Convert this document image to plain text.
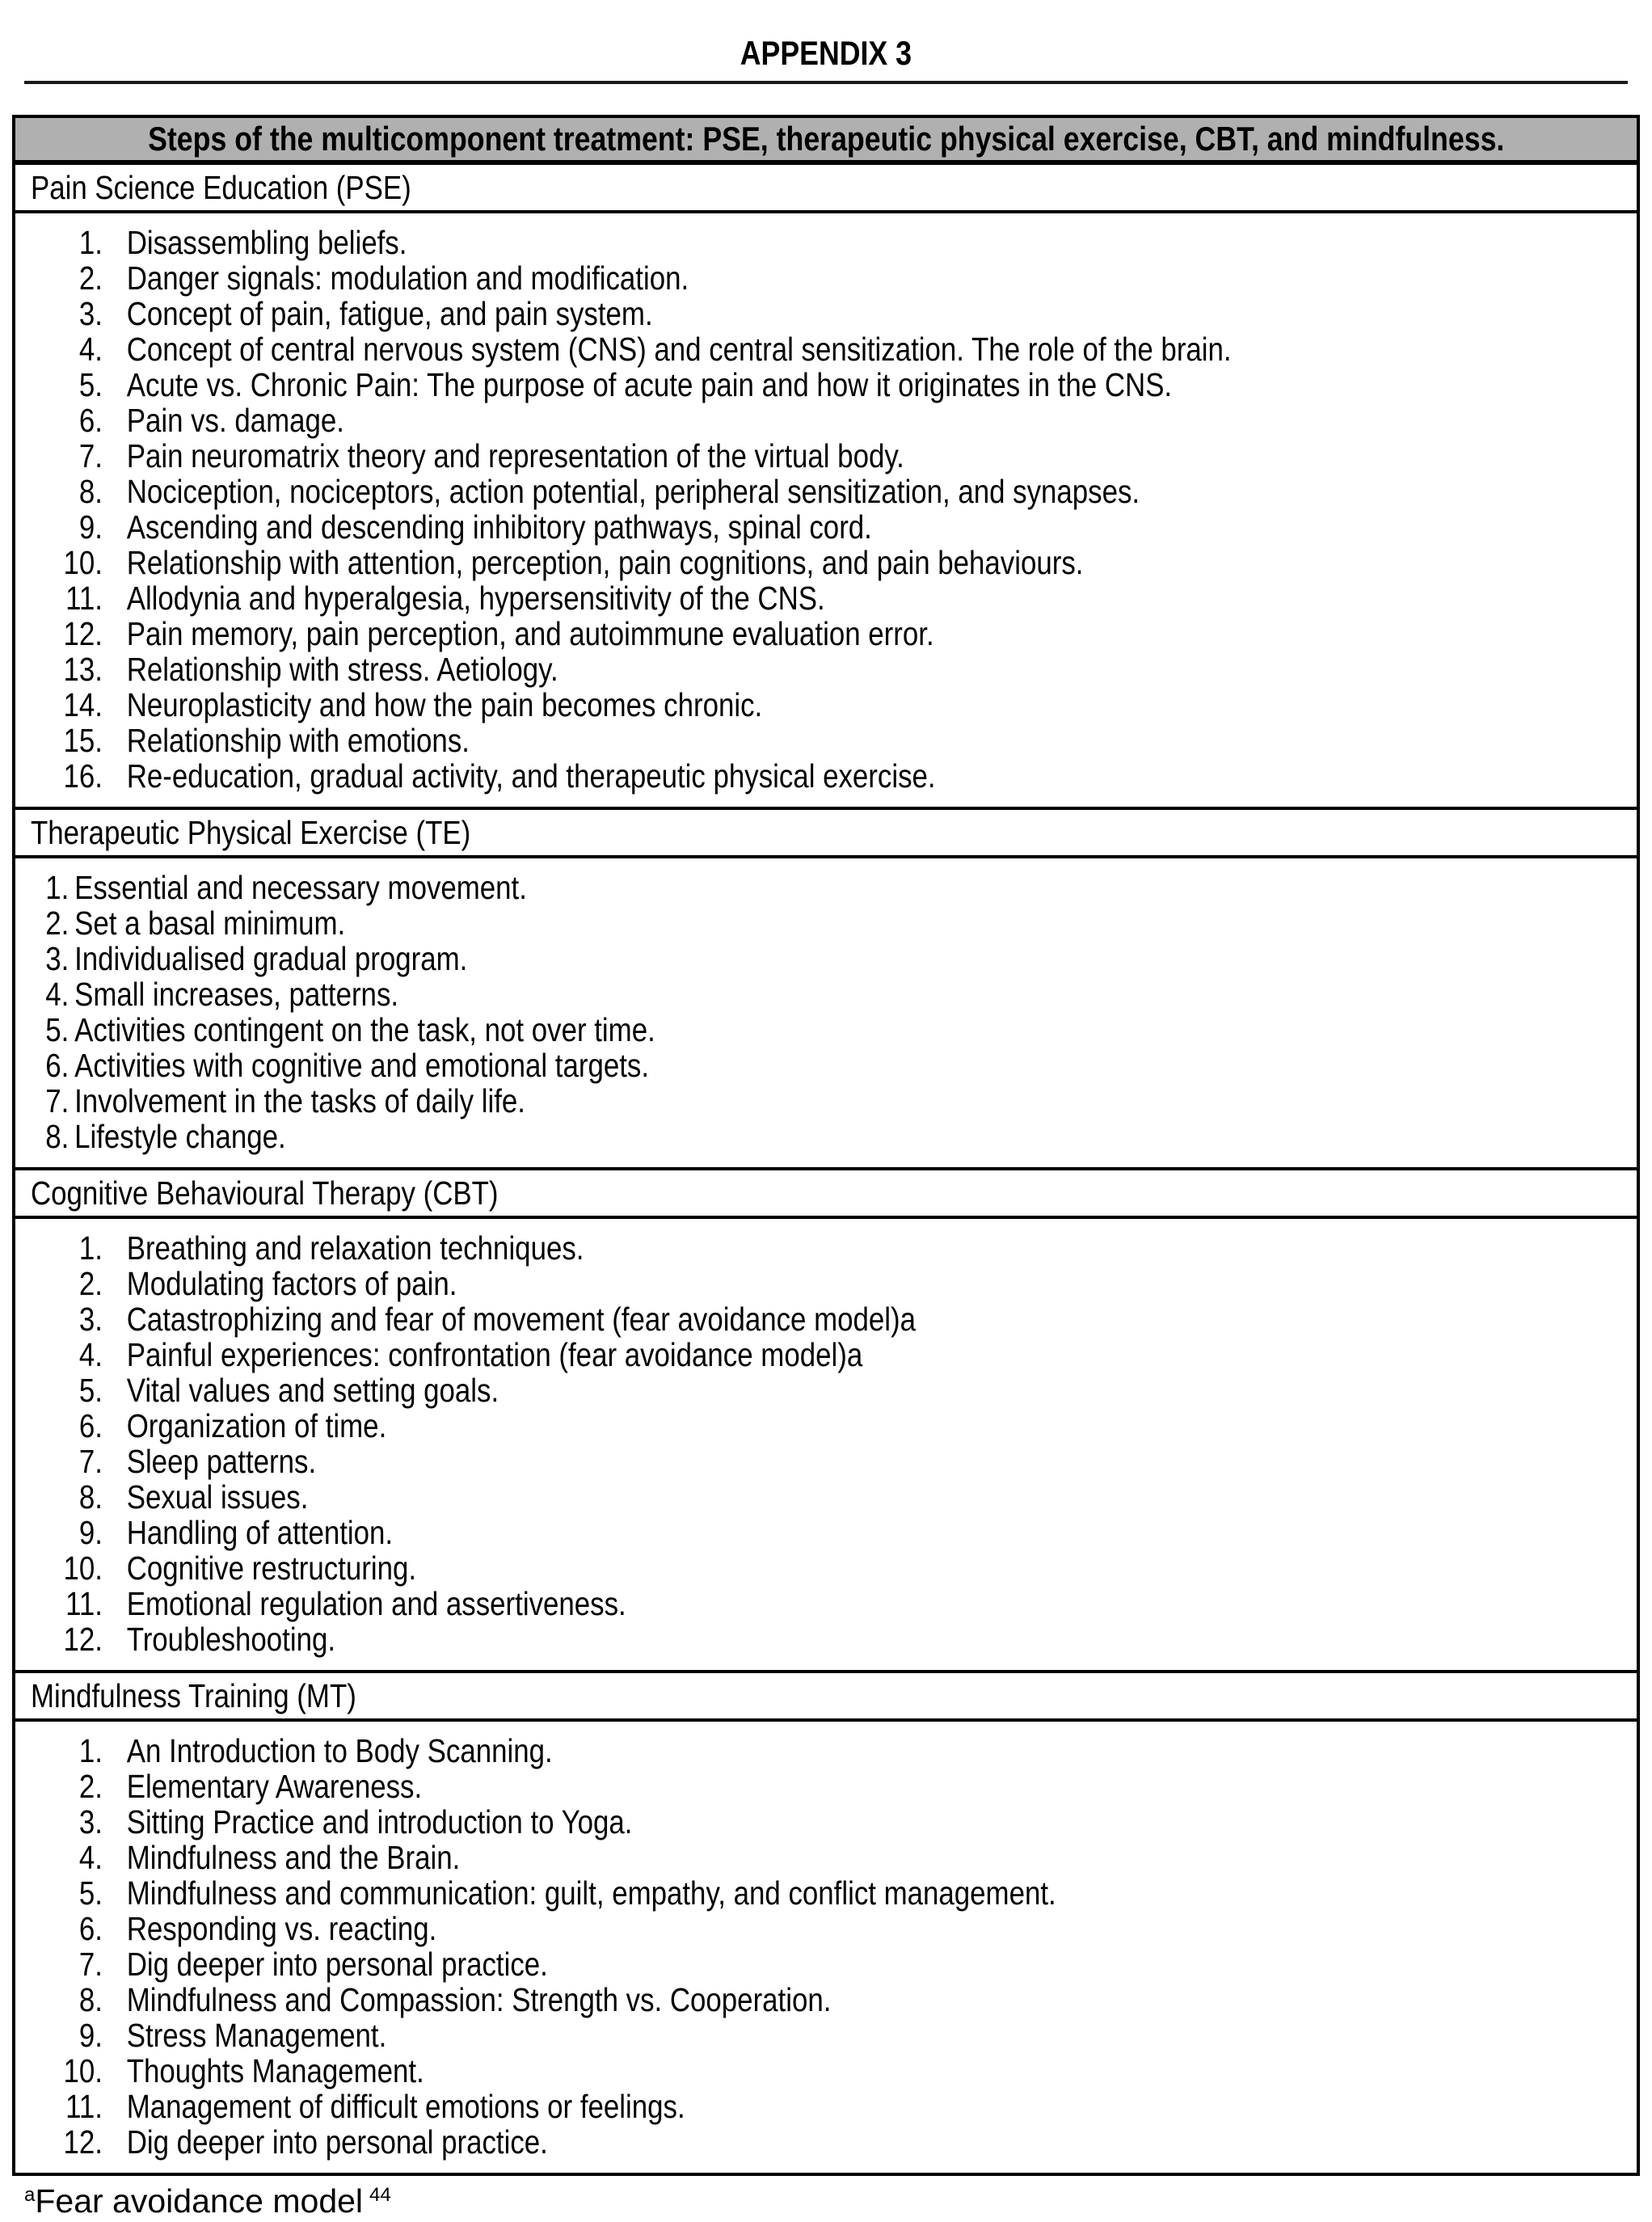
APPENDIX 3
Steps of the multicomponent treatment: PSE, therapeutic physical exercise, CBT, and mindfulness.
Pain Science Education (PSE)
1. Disassembling beliefs.
2. Danger signals: modulation and modification.
3. Concept of pain, fatigue, and pain system.
4. Concept of central nervous system (CNS) and central sensitization. The role of the brain.
5. Acute vs. Chronic Pain: The purpose of acute pain and how it originates in the CNS.
6. Pain vs. damage.
7. Pain neuromatrix theory and representation of the virtual body.
8. Nociception, nociceptors, action potential, peripheral sensitization, and synapses.
9. Ascending and descending inhibitory pathways, spinal cord.
10. Relationship with attention, perception, pain cognitions, and pain behaviours.
11. Allodynia and hyperalgesia, hypersensitivity of the CNS.
12. Pain memory, pain perception, and autoimmune evaluation error.
13. Relationship with stress. Aetiology.
14. Neuroplasticity and how the pain becomes chronic.
15. Relationship with emotions.
16. Re-education, gradual activity, and therapeutic physical exercise.
Therapeutic Physical Exercise (TE)
1. Essential and necessary movement.
2. Set a basal minimum.
3. Individualised gradual program.
4. Small increases, patterns.
5. Activities contingent on the task, not over time.
6. Activities with cognitive and emotional targets.
7. Involvement in the tasks of daily life.
8. Lifestyle change.
Cognitive Behavioural Therapy (CBT)
1. Breathing and relaxation techniques.
2. Modulating factors of pain.
3. Catastrophizing and fear of movement (fear avoidance model)a
4. Painful experiences: confrontation (fear avoidance model)a
5. Vital values and setting goals.
6. Organization of time.
7. Sleep patterns.
8. Sexual issues.
9. Handling of attention.
10. Cognitive restructuring.
11. Emotional regulation and assertiveness.
12. Troubleshooting.
Mindfulness Training (MT)
1. An Introduction to Body Scanning.
2. Elementary Awareness.
3. Sitting Practice and introduction to Yoga.
4. Mindfulness and the Brain.
5. Mindfulness and communication: guilt, empathy, and conflict management.
6. Responding vs. reacting.
7. Dig deeper into personal practice.
8. Mindfulness and Compassion: Strength vs. Cooperation.
9. Stress Management.
10. Thoughts Management.
11. Management of difficult emotions or feelings.
12. Dig deeper into personal practice.
$^a$Fear avoidance model $^{44}$
